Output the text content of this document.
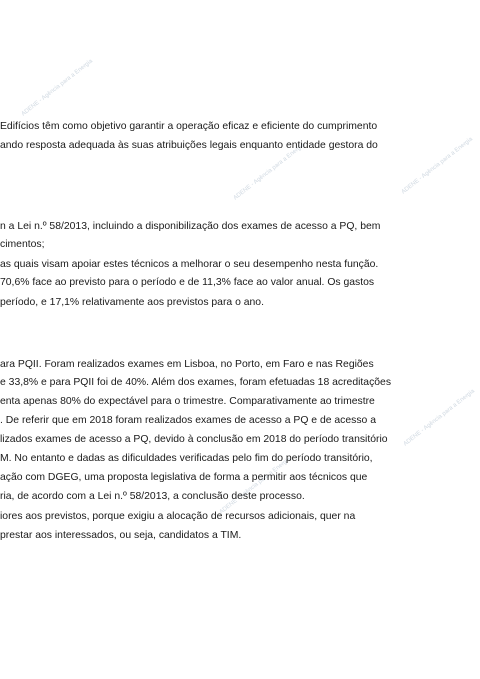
ADENE - Agência para a Energia
ADENE - Agência para a Energia	ADENE - Agência para a Energia
ADENE - Agência para a Energia
ADENE - Agência para a Energia
Edifícios têm como objetivo garantir a operação eficaz e eficiente do cumprimento
ando resposta adequada às suas atribuições legais enquanto entidade gestora do
n a Lei n.º 58/2013, incluindo a disponibilização dos exames de acesso a PQ, bem
cimentos;
as quais visam apoiar estes técnicos a melhorar o seu desempenho nesta função.
70,6% face ao previsto para o período e de 11,3% face ao valor anual. Os gastos
período, e 17,1% relativamente aos previstos para o ano.
ara PQII. Foram realizados exames em Lisboa, no Porto, em Faro e nas Regiões
e 33,8% e para PQII foi de 40%. Além dos exames, foram efetuadas 18 acreditações
enta apenas 80% do expectável para o trimestre. Comparativamente ao trimestre
. De referir que em 2018 foram realizados exames de acesso a PQ e de acesso a
lizados exames de acesso a PQ, devido à conclusão em 2018 do período transitório
M. No entanto e dadas as dificuldades verificadas pelo fim do período transitório,
ação com DGEG, uma proposta legislativa de forma a permitir aos técnicos que
ria, de acordo com a Lei n.º 58/2013, a conclusão deste processo.
iores aos previstos, porque exigiu a alocação de recursos adicionais, quer na
prestar aos interessados, ou seja, candidatos a TIM.
